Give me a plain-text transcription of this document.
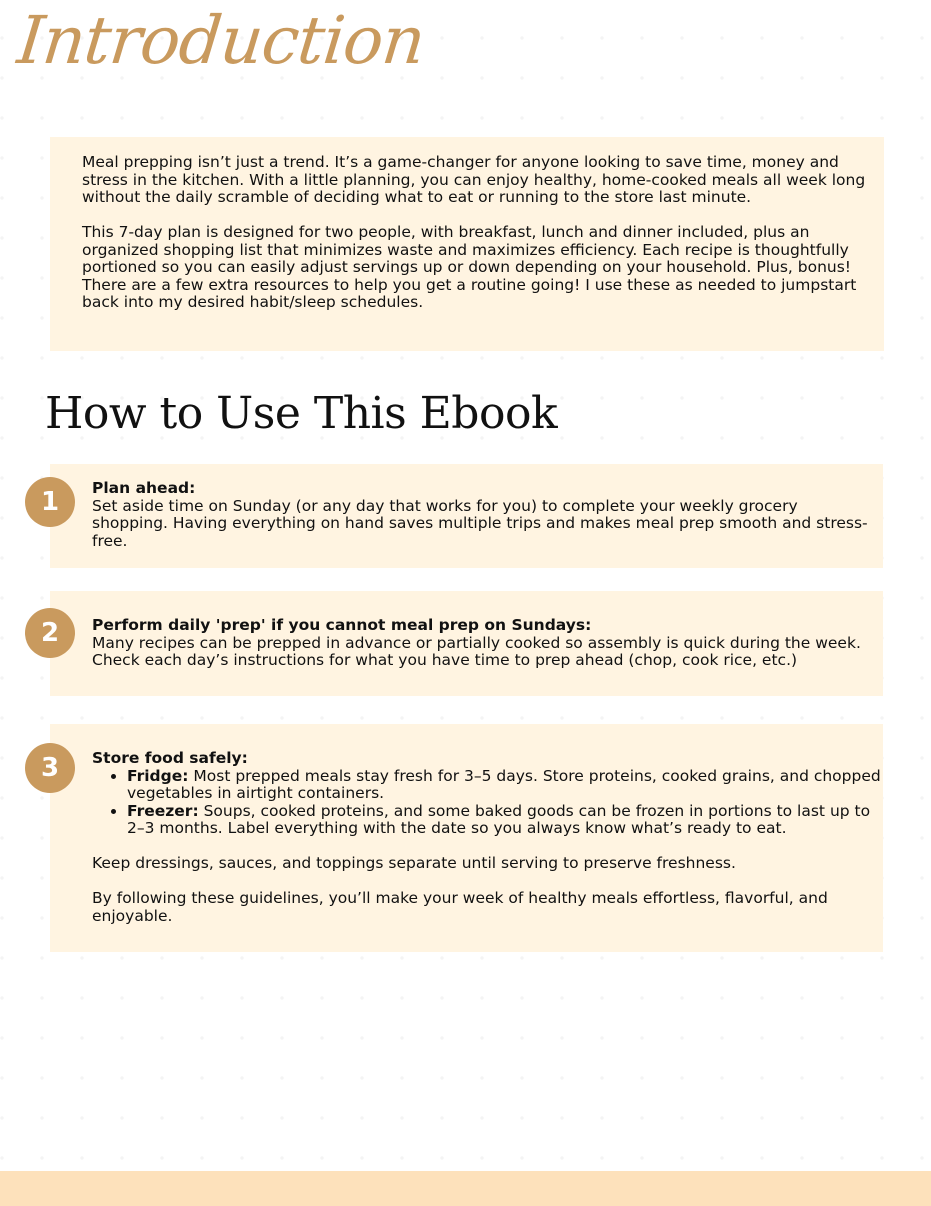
Introduction
Meal prepping isn’t just a trend. It’s a game-changer for anyone looking to save time, money and stress in the kitchen. With a little planning, you can enjoy healthy, home-cooked meals all week long without the daily scramble of deciding what to eat or running to the store last minute.
This 7-day plan is designed for two people, with breakfast, lunch and dinner included, plus an organized shopping list that minimizes waste and maximizes efficiency. Each recipe is thoughtfully portioned so you can easily adjust servings up or down depending on your household. Plus, bonus! There are a few extra resources to help you get a routine going! I use these as needed to jumpstart back into my desired habit/sleep schedules.
How to Use This Ebook
Plan ahead:
Set aside time on Sunday (or any day that works for you) to complete your weekly grocery shopping. Having everything on hand saves multiple trips and makes meal prep smooth and stress-free.
1
Perform daily 'prep' if you cannot meal prep on Sundays:
Many recipes can be prepped in advance or partially cooked so assembly is quick during the week. Check each day’s instructions for what you have time to prep ahead (chop, cook rice, etc.)
2
Store food safely:
• Fridge: Most prepped meals stay fresh for 3–5 days. Store proteins, cooked grains, and chopped vegetables in airtight containers.
• Freezer: Soups, cooked proteins, and some baked goods can be frozen in portions to last up to 2–3 months. Label everything with the date so you always know what’s ready to eat.
Keep dressings, sauces, and toppings separate until serving to preserve freshness.
By following these guidelines, you’ll make your week of healthy meals effortless, flavorful, and enjoyable.
3
